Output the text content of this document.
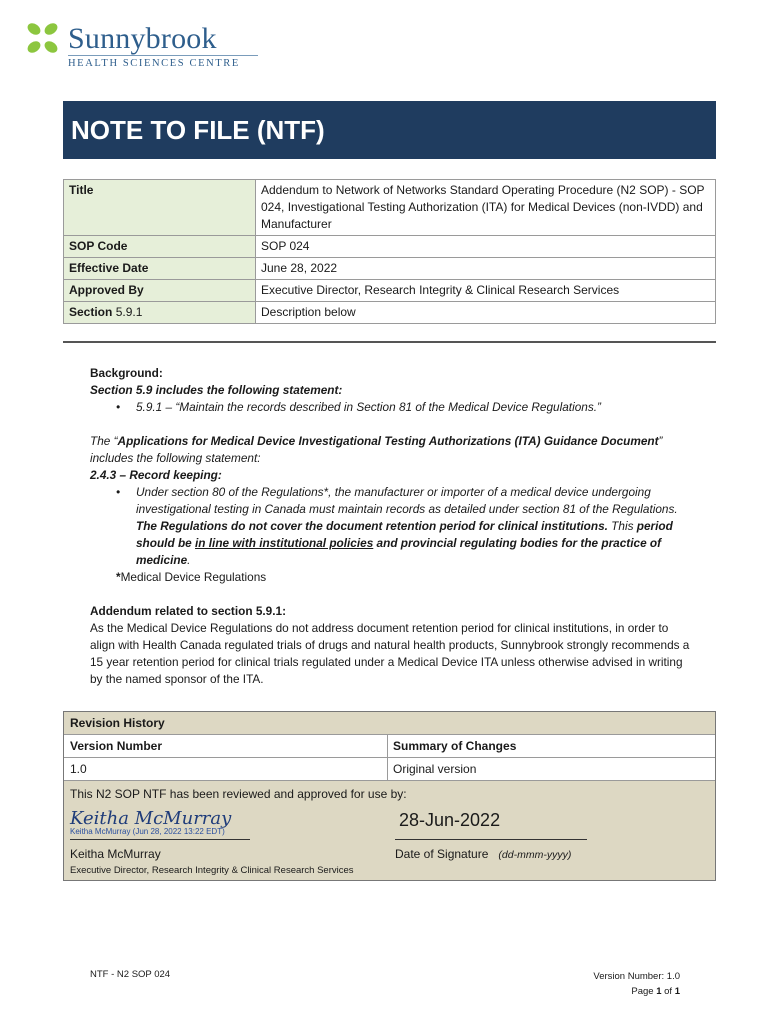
Sunnybrook
HEALTH SCIENCES CENTRE
NOTE TO FILE (NTF)
Title	Addendum to Network of Networks Standard Operating Procedure (N2 SOP) - SOP 024, Investigational Testing Authorization (ITA) for Medical Devices (non-IVDD) and Manufacturer
SOP Code	SOP 024
Effective Date	June 28, 2022
Approved By	Executive Director, Research Integrity & Clinical Research Services
Section 5.9.1	Description below

Background:

Section 5.9 includes the following statement:

• 5.9.1 – “Maintain the records described in Section 81 of the Medical Device Regulations.”

The “Applications for Medical Device Investigational Testing Authorizations (ITA) Guidance Document” includes the following statement:

2.4.3 – Record keeping:

• Under section 80 of the Regulations*, the manufacturer or importer of a medical device undergoing investigational testing in Canada must maintain records as detailed under section 81 of the Regulations. The Regulations do not cover the document retention period for clinical institutions. This period should be in line with institutional policies and provincial regulating bodies for the practice of medicine.

*Medical Device Regulations

Addendum related to section 5.9.1:

As the Medical Device Regulations do not address document retention period for clinical institutions, in order to align with Health Canada regulated trials of drugs and natural health products, Sunnybrook strongly recommends a 15 year retention period for clinical trials regulated under a Medical Device ITA unless otherwise advised in writing by the named sponsor of the ITA.

Revision History
Version Number	Summary of Changes
1.0	Original version
This N2 SOP NTF has been reviewed and approved for use by:
Keitha McMurray
Keitha McMurray (Jun 28, 2022 13:22 EDT)
Keitha McMurray
Executive Director, Research Integrity & Clinical Research Services
28-Jun-2022
Date of Signature (dd-mmm-yyyy)
NTF - N2 SOP 024	Version Number: 1.0
Page 1 of 1
